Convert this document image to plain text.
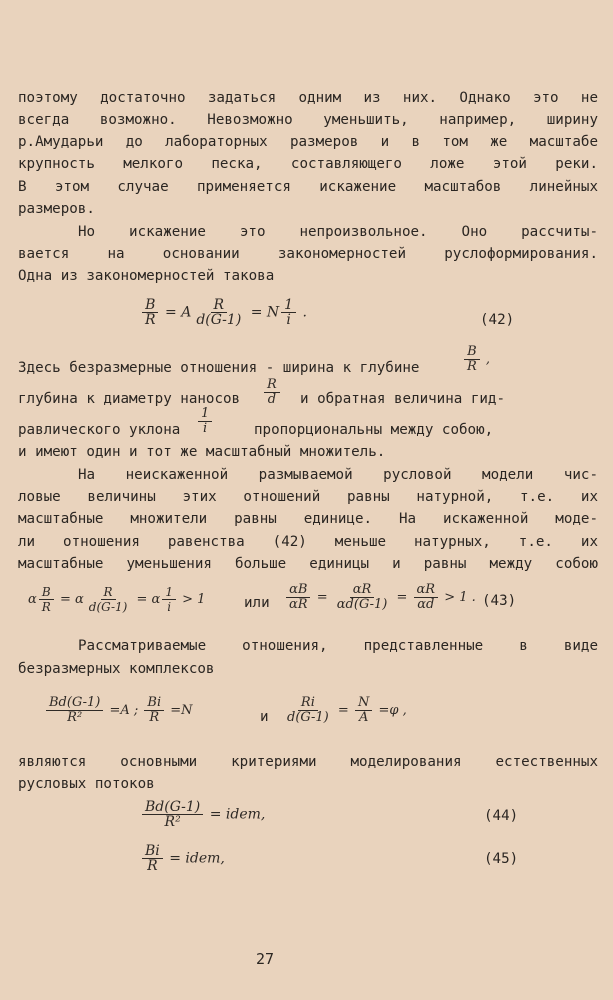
поэтому достаточно задаться одним из них. Однако это не
всегда возможно. Невозможно уменьшить, например, ширину
р.Амударьи до лабораторных размеров и в том же масштабе
крупность мелкого песка, составляющего ложе этой реки.
В этом случае применяется искажение масштабов линейных
размеров.
Но искажение это непроизвольное. Оно рассчиты-
вается на основании закономерностей руслоформирования.
Одна из закономерностей такова
$\frac{B}{R} = A \frac{R}{d(G-1)} = N \frac{1}{i}$ .	(42)
Здесь безразмерные отношения - ширина к глубине	$\frac{B}{R}$ ,
глубина к диаметру наносов	$\frac{R}{d}$ и обратная величина гид-
равлического уклона	$\frac{1}{i}$	пропорциональны между собою,
и имеют один и тот же масштабный множитель.
На неискаженной размываемой русловой модели чис-
ловые величины этих отношений равны натурной, т.е. их
масштабные множители равны единице. На искаженной моде-
ли отношения равенства (42) меньше натурных, т.е. их
масштабные уменьшения больше единицы и равны между собою
α $\frac{B}{R} = \alpha \frac{R}{d(G-1)} = \alpha \frac{1}{i} > 1$	или	$\frac{\alpha B}{\alpha R} = \frac{\alpha R}{\alpha d(G-1)} = \frac{\alpha R}{\alpha d} > 1$ . (43)
Рассматриваемые отношения, представленные в виде
безразмерных комплексов
$\frac{Bd(G-1)}{\text{R²}} =A$ ; $\frac{Bi}{R} =N$	и	$\frac{Ri}{d(G-1)} = \frac{N}{A} =\varphi$ ,
являются основными критериями моделирования естественных
русловых потоков
$\frac{Bd(G-1)}{\text{R²}}$ = idem,	(44)
$\frac{Bi}{R}$ = idem,	(45)
27
